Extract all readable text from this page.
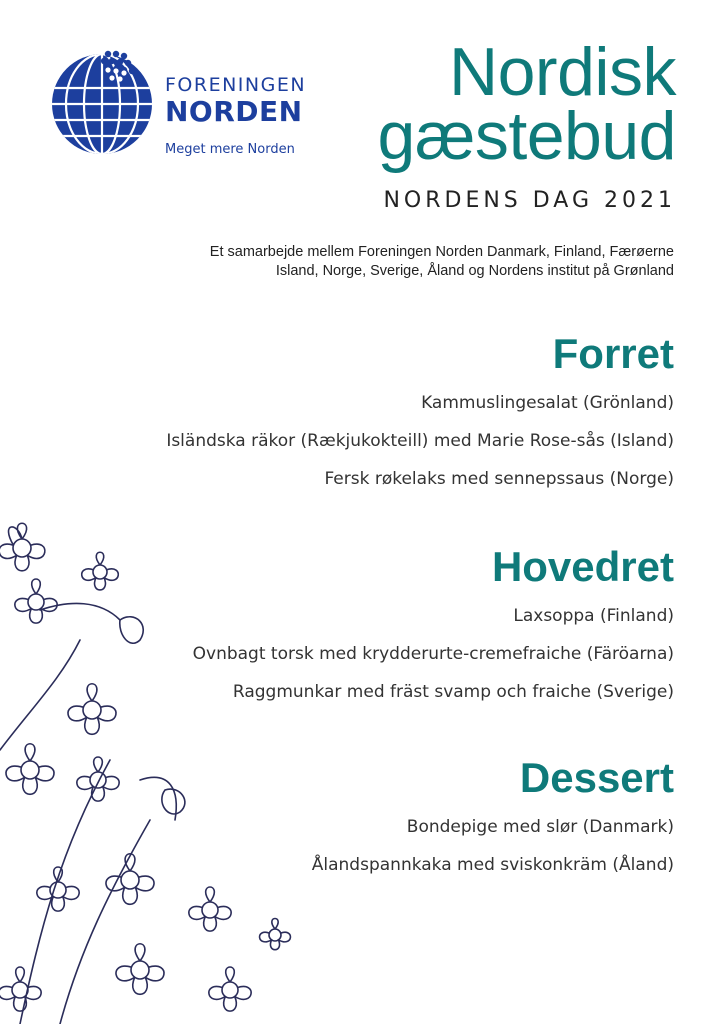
FORENINGEN
NORDEN
Meget mere Norden
Nordisk
gæstebud
NORDENS DAG 2021
Et samarbejde mellem Foreningen Norden Danmark, Finland, Færøerne
Island, Norge, Sverige, Åland og Nordens institut på Grønland
Forret
Kammuslingesalat (Grönland)
Isländska räkor (Rækjukokteill) med Marie Rose-sås (Island)
Fersk røkelaks med sennepssaus (Norge)
Hovedret
Laxsoppa (Finland)
Ovnbagt torsk med krydderurte-cremefraiche (Färöarna)
Raggmunkar med fräst svamp och fraiche (Sverige)
Dessert
Bondepige med slør (Danmark)
Ålandspannkaka med sviskonkräm (Åland)
